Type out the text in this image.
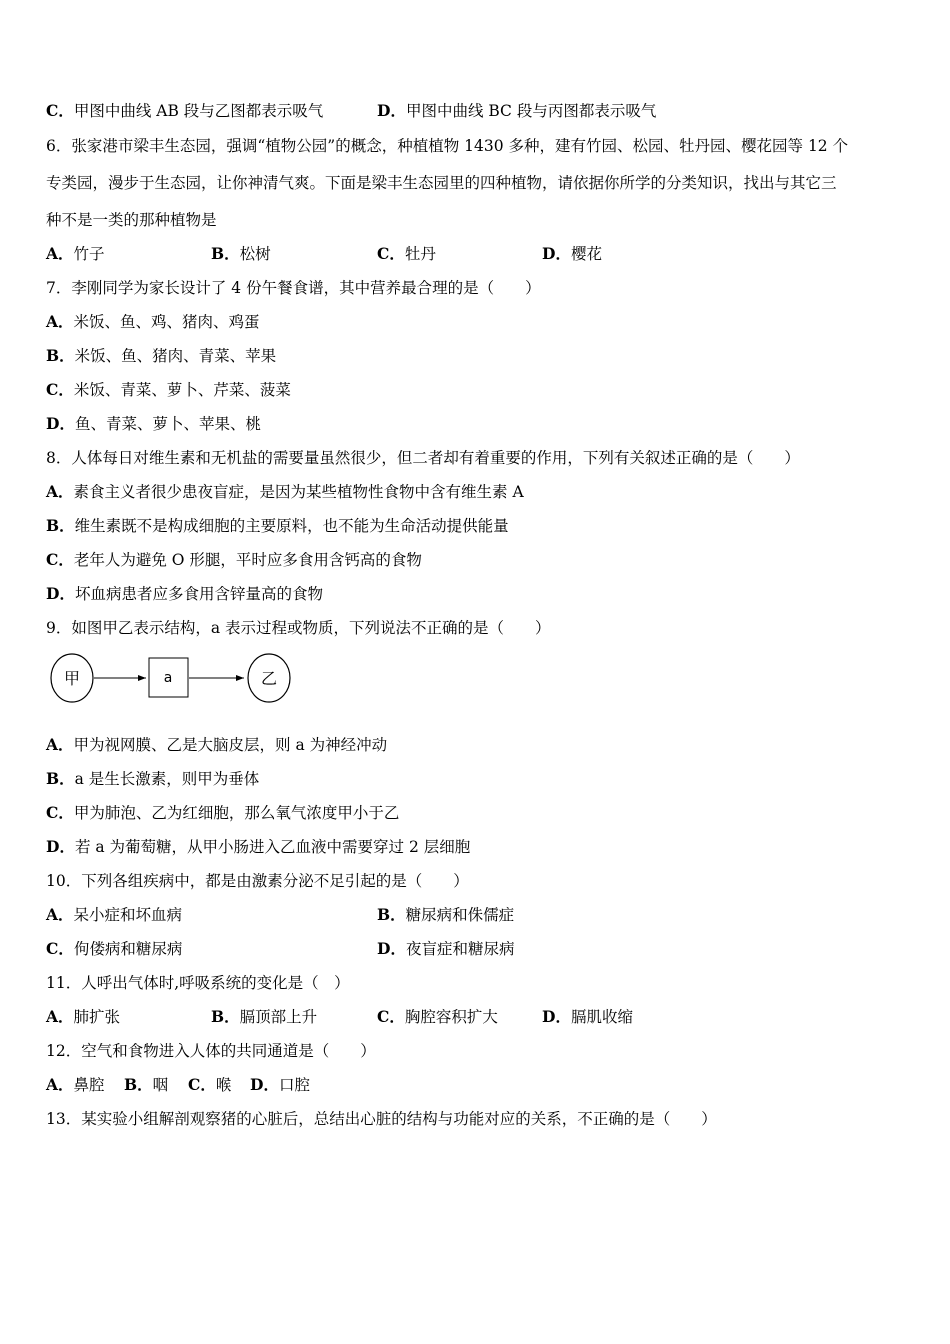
C．甲图中曲线 AB 段与乙图都表示吸气	D．甲图中曲线 BC 段与丙图都表示吸气
6．张家港市梁丰生态园，强调“植物公园”的概念，种植植物 1430 多种，建有竹园、松园、牡丹园、樱花园等 12 个
专类园，漫步于生态园，让你神清气爽。下面是梁丰生态园里的四种植物，请依据你所学的分类知识，找出与其它三
种不是一类的那种植物是
A．竹子	B．松树	C．牡丹	D．樱花
7．李刚同学为家长设计了 4 份午餐食谱，其中营养最合理的是（　　）
A．米饭、鱼、鸡、猪肉、鸡蛋
B．米饭、鱼、猪肉、青菜、苹果
C．米饭、青菜、萝卜、芹菜、菠菜
D．鱼、青菜、萝卜、苹果、桃
8．人体每日对维生素和无机盐的需要量虽然很少，但二者却有着重要的作用，下列有关叙述正确的是（　　）
A．素食主义者很少患夜盲症，是因为某些植物性食物中含有维生素 A
B．维生素既不是构成细胞的主要原料，也不能为生命活动提供能量
C．老年人为避免 O 形腿，平时应多食用含钙高的食物
D．坏血病患者应多食用含锌量高的食物
9．如图甲乙表示结构，a 表示过程或物质，下列说法不正确的是（　　）
甲	a	乙
A．甲为视网膜、乙是大脑皮层，则 a 为神经冲动
B．a 是生长激素，则甲为垂体
C．甲为肺泡、乙为红细胞，那么氧气浓度甲小于乙
D．若 a 为葡萄糖，从甲小肠进入乙血液中需要穿过 2 层细胞
10．下列各组疾病中，都是由激素分泌不足引起的是（　　）
A．呆小症和坏血病	B．糖尿病和侏儒症
C．佝偻病和糖尿病	D．夜盲症和糖尿病
11．人呼出气体时,呼吸系统的变化是（　）
A．肺扩张	B．膈顶部上升	C．胸腔容积扩大	D．膈肌收缩
12．空气和食物进入人体的共同通道是（　　）
A．鼻腔 B．咽 C．喉 D．口腔
13．某实验小组解剖观察猪的心脏后，总结出心脏的结构与功能对应的关系，不正确的是（　　）
